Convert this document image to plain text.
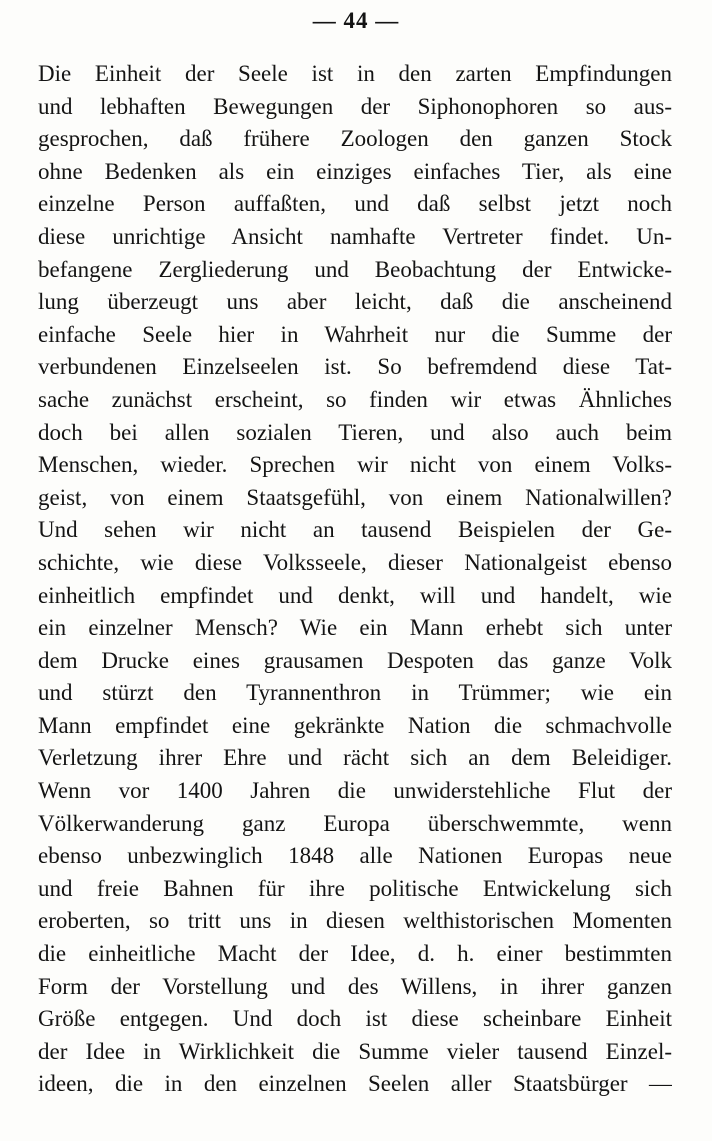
— 44 —
Die Einheit der Seele ist in den zarten Empfindungen
und lebhaften Bewegungen der Siphonophoren so aus-
gesprochen, daß frühere Zoologen den ganzen Stock
ohne Bedenken als ein einziges einfaches Tier, als eine
einzelne Person auffaßten, und daß selbst jetzt noch
diese unrichtige Ansicht namhafte Vertreter findet. Un-
befangene Zergliederung und Beobachtung der Entwicke-
lung überzeugt uns aber leicht, daß die anscheinend
einfache Seele hier in Wahrheit nur die Summe der
verbundenen Einzelseelen ist. So befremdend diese Tat-
sache zunächst erscheint, so finden wir etwas Ähnliches
doch bei allen sozialen Tieren, und also auch beim
Menschen, wieder. Sprechen wir nicht von einem Volks-
geist, von einem Staatsgefühl, von einem Nationalwillen?
Und sehen wir nicht an tausend Beispielen der Ge-
schichte, wie diese Volksseele, dieser Nationalgeist ebenso
einheitlich empfindet und denkt, will und handelt, wie
ein einzelner Mensch? Wie ein Mann erhebt sich unter
dem Drucke eines grausamen Despoten das ganze Volk
und stürzt den Tyrannenthron in Trümmer; wie ein
Mann empfindet eine gekränkte Nation die schmachvolle
Verletzung ihrer Ehre und rächt sich an dem Beleidiger.
Wenn vor 1400 Jahren die unwiderstehliche Flut der
Völkerwanderung ganz Europa überschwemmte, wenn
ebenso unbezwinglich 1848 alle Nationen Europas neue
und freie Bahnen für ihre politische Entwickelung sich
eroberten, so tritt uns in diesen welthistorischen Momenten
die einheitliche Macht der Idee, d. h. einer bestimmten
Form der Vorstellung und des Willens, in ihrer ganzen
Größe entgegen. Und doch ist diese scheinbare Einheit
der Idee in Wirklichkeit die Summe vieler tausend Einzel-
ideen, die in den einzelnen Seelen aller Staatsbürger —
